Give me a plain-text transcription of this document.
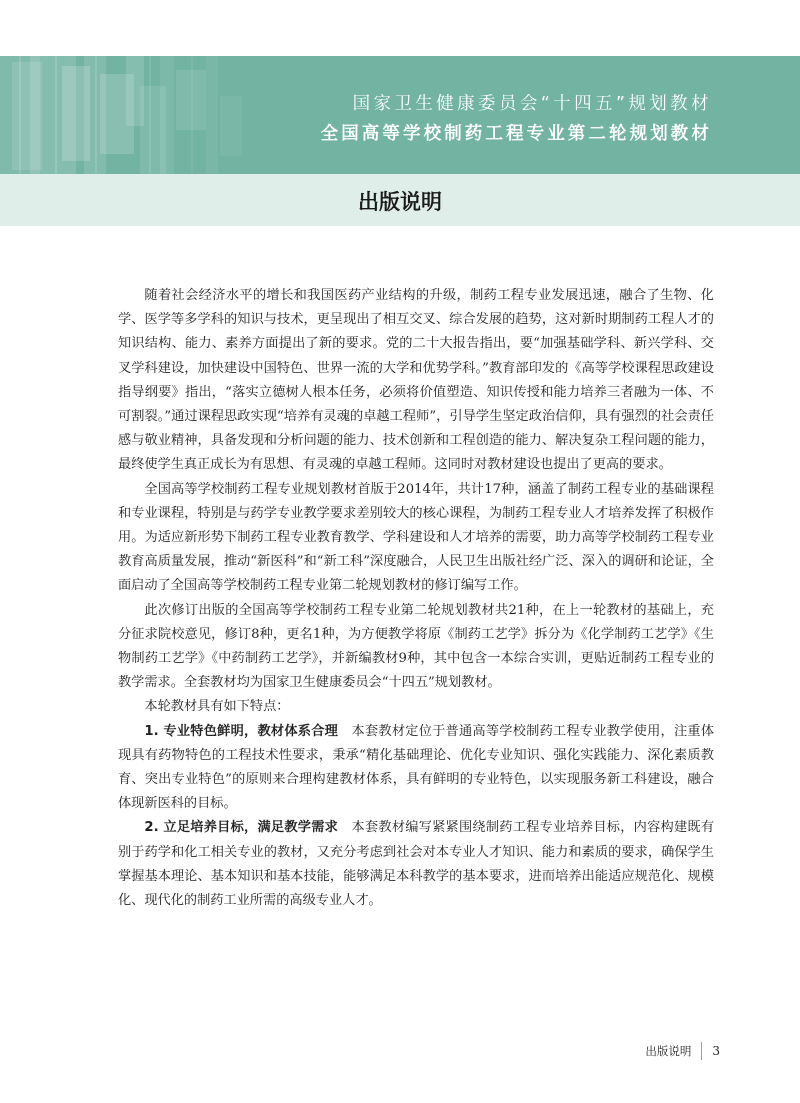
国家卫生健康委员会“十四五”规划教材
全国高等学校制药工程专业第二轮规划教材
出版说明

随着社会经济水平的增长和我国医药产业结构的升级，制药工程专业发展迅速，融合了生物、化学、医学等多学科的知识与技术，更呈现出了相互交叉、综合发展的趋势，这对新时期制药工程人才的知识结构、能力、素养方面提出了新的要求。党的二十大报告指出，要“加强基础学科、新兴学科、交叉学科建设，加快建设中国特色、世界一流的大学和优势学科。”教育部印发的《高等学校课程思政建设指导纲要》指出，“落实立德树人根本任务，必须将价值塑造、知识传授和能力培养三者融为一体、不可割裂。”通过课程思政实现“培养有灵魂的卓越工程师”，引导学生坚定政治信仰，具有强烈的社会责任感与敬业精神，具备发现和分析问题的能力、技术创新和工程创造的能力、解决复杂工程问题的能力，最终使学生真正成长为有思想、有灵魂的卓越工程师。这同时对教材建设也提出了更高的要求。

全国高等学校制药工程专业规划教材首版于2014年，共计17种，涵盖了制药工程专业的基础课程和专业课程，特别是与药学专业教学要求差别较大的核心课程，为制药工程专业人才培养发挥了积极作用。为适应新形势下制药工程专业教育教学、学科建设和人才培养的需要，助力高等学校制药工程专业教育高质量发展，推动“新医科”和“新工科”深度融合，人民卫生出版社经广泛、深入的调研和论证，全面启动了全国高等学校制药工程专业第二轮规划教材的修订编写工作。

此次修订出版的全国高等学校制药工程专业第二轮规划教材共21种，在上一轮教材的基础上，充分征求院校意见，修订8种，更名1种，为方便教学将原《制药工艺学》拆分为《化学制药工艺学》《生物制药工艺学》《中药制药工艺学》，并新编教材9种，其中包含一本综合实训，更贴近制药工程专业的教学需求。全套教材均为国家卫生健康委员会“十四五”规划教材。

本轮教材具有如下特点：

1. 专业特色鲜明，教材体系合理　 本套教材定位于普通高等学校制药工程专业教学使用，注重体现具有药物特色的工程技术性要求，秉承“精化基础理论、优化专业知识、强化实践能力、深化素质教育、突出专业特色”的原则来合理构建教材体系，具有鲜明的专业特色，以实现服务新工科建设，融合体现新医科的目标。

2. 立足培养目标，满足教学需求　 本套教材编写紧紧围绕制药工程专业培养目标，内容构建既有别于药学和化工相关专业的教材，又充分考虑到社会对本专业人才知识、能力和素质的要求，确保学生掌握基本理论、基本知识和基本技能，能够满足本科教学的基本要求，进而培养出能适应规范化、规模化、现代化的制药工业所需的高级专业人才。

出版说明 3
